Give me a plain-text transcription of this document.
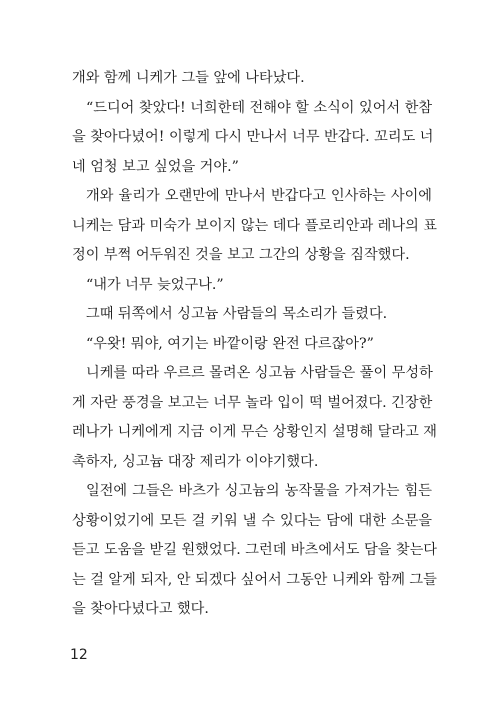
개와 함께 니케가 그들 앞에 나타났다.
“드디어 찾았다! 너희한테 전해야 할 소식이 있어서 한참
을 찾아다녔어! 이렇게 다시 만나서 너무 반갑다. 꼬리도 너
네 엄청 보고 싶었을 거야.”
개와 율리가 오랜만에 만나서 반갑다고 인사하는 사이에
니케는 담과 미숙가 보이지 않는 데다 플로리안과 레나의 표
정이 부쩍 어두워진 것을 보고 그간의 상황을 짐작했다.
“내가 너무 늦었구나.”
그때 뒤쪽에서 싱고늄 사람들의 목소리가 들렸다.
“우왓! 뭐야, 여기는 바깥이랑 완전 다르잖아?”
니케를 따라 우르르 몰려온 싱고늄 사람들은 풀이 무성하
게 자란 풍경을 보고는 너무 놀라 입이 떡 벌어졌다. 긴장한
레나가 니케에게 지금 이게 무슨 상황인지 설명해 달라고 재
촉하자, 싱고늄 대장 제리가 이야기했다.
일전에 그들은 바츠가 싱고늄의 농작물을 가져가는 힘든
상황이었기에 모든 걸 키워 낼 수 있다는 담에 대한 소문을
듣고 도움을 받길 원했었다. 그런데 바츠에서도 담을 찾는다
는 걸 알게 되자, 안 되겠다 싶어서 그동안 니케와 함께 그들
을 찾아다녔다고 했다.
12
